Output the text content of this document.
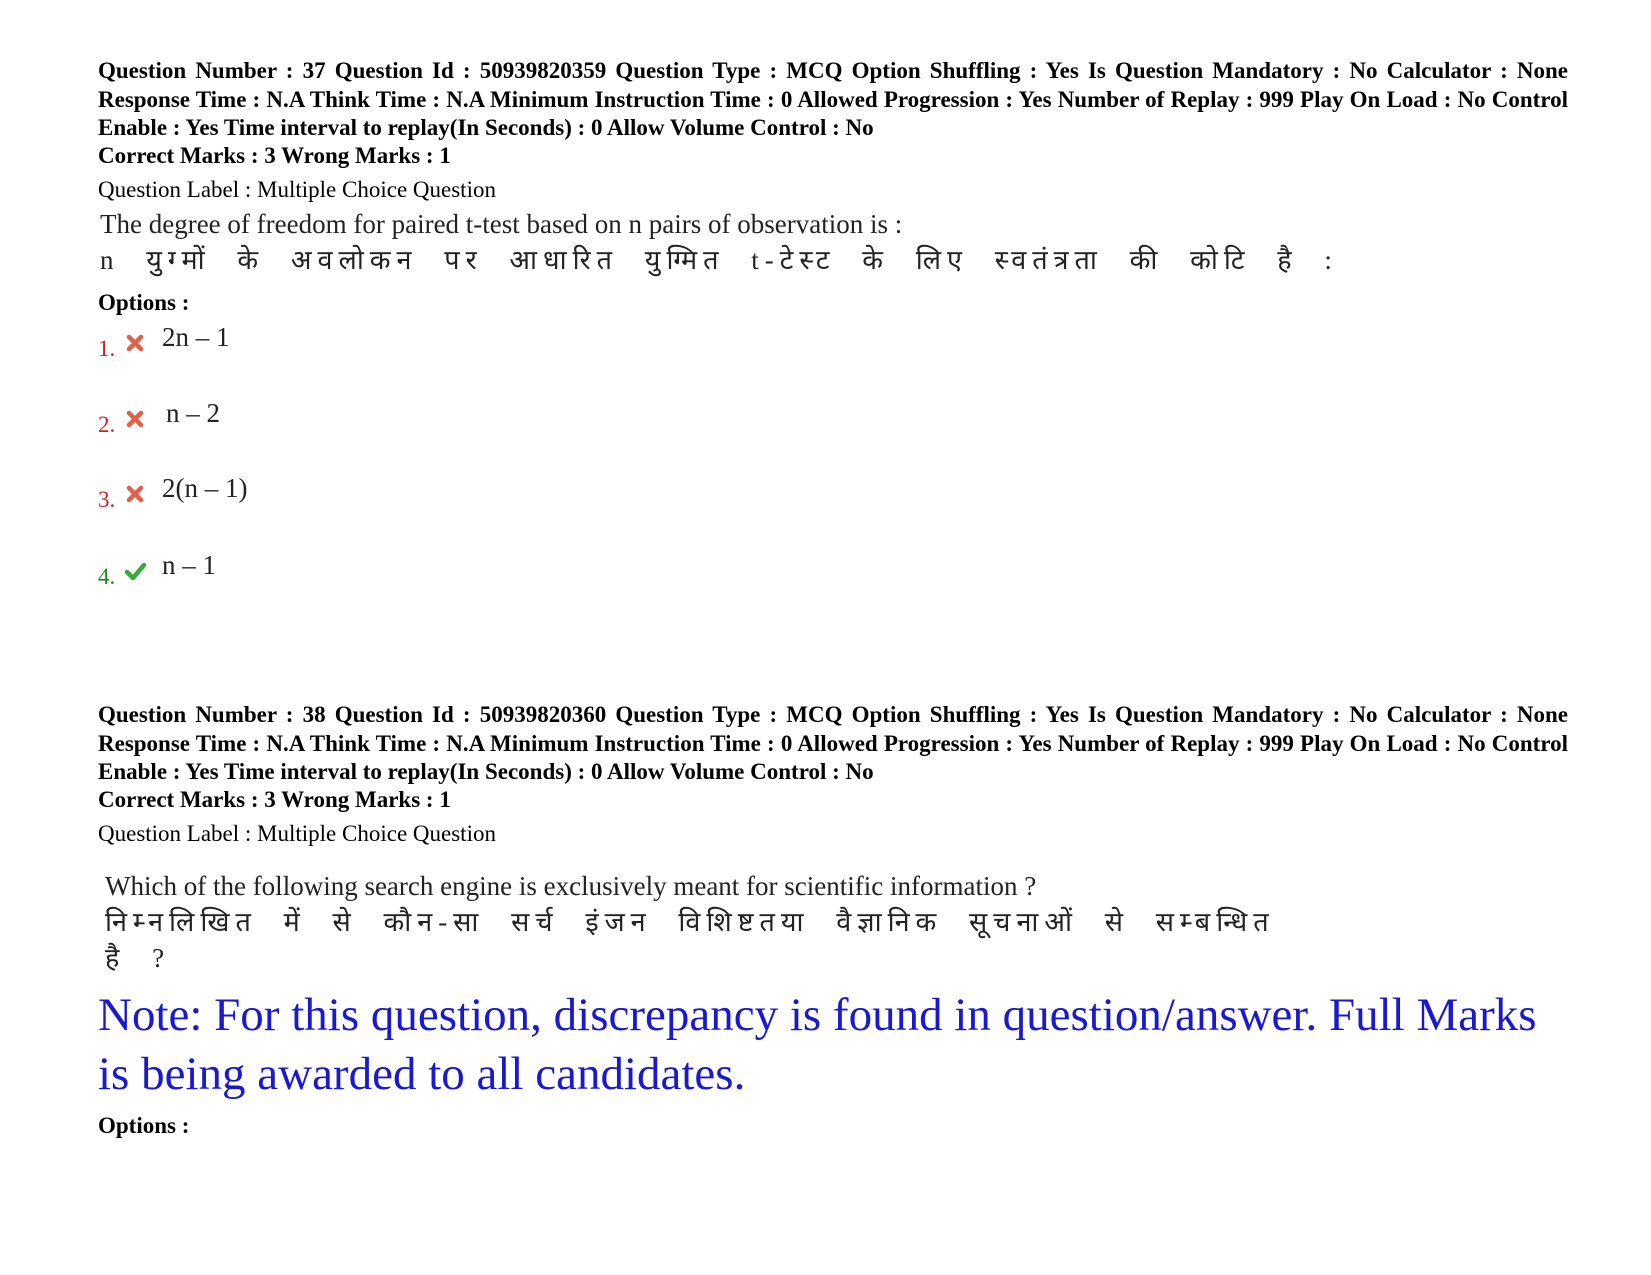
Question Number : 37 Question Id : 50939820359 Question Type : MCQ Option Shuffling : Yes Is Question Mandatory : No Calculator : None Response Time : N.A Think Time : N.A Minimum Instruction Time : 0 Allowed Progression : Yes Number of Replay : 999 Play On Load : No Control Enable : Yes Time interval to replay(In Seconds) : 0 Allow Volume Control : No

Correct Marks : 3 Wrong Marks : 1

Question Label : Multiple Choice Question

The degree of freedom for paired t-test based on n pairs of observation is :
n युग्मों के अवलोकन पर आधारित युग्मित t-टेस्ट के लिए स्वतंत्रता की कोटि है :

Options :

1. 2n – 1
2. n – 2
3. 2(n – 1)
4. n – 1

Question Number : 38 Question Id : 50939820360 Question Type : MCQ Option Shuffling : Yes Is Question Mandatory : No Calculator : None Response Time : N.A Think Time : N.A Minimum Instruction Time : 0 Allowed Progression : Yes Number of Replay : 999 Play On Load : No Control Enable : Yes Time interval to replay(In Seconds) : 0 Allow Volume Control : No

Correct Marks : 3 Wrong Marks : 1

Question Label : Multiple Choice Question

Which of the following search engine is exclusively meant for scientific information ?
निम्नलिखित में से कौन-सा सर्च इंजन विशिष्टतया वैज्ञानिक सूचनाओं से सम्बन्धित
है ?

Note: For this question, discrepancy is found in question/answer. Full Marks is being awarded to all candidates.

Options :
